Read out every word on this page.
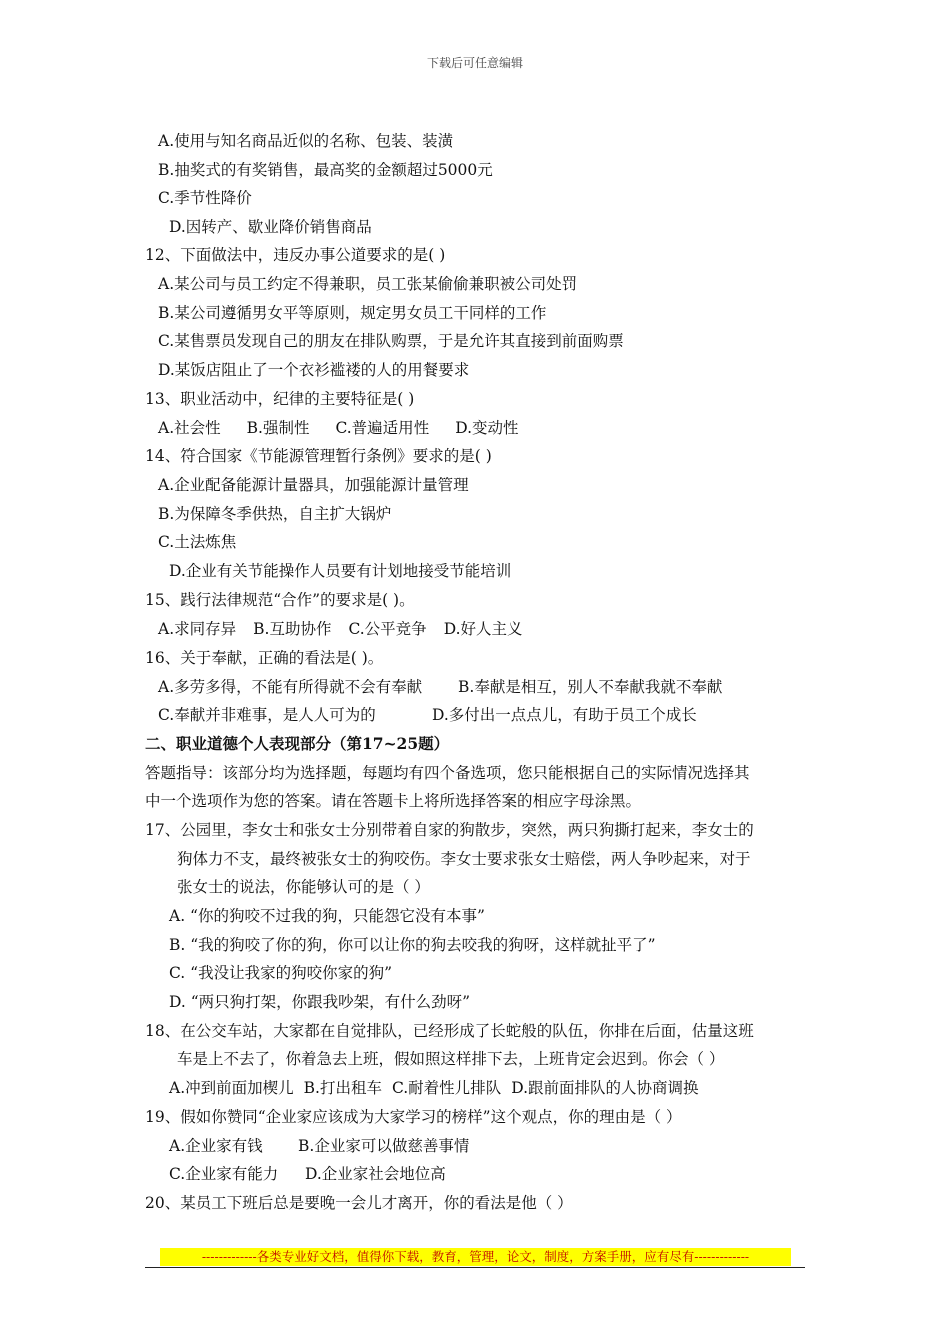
下载后可任意编辑
A.使用与知名商品近似的名称、包装、装潢
B.抽奖式的有奖销售，最高奖的金额超过5000元
C.季节性降价
D.因转产、歇业降价销售商品
12、下面做法中，违反办事公道要求的是( )
A.某公司与员工约定不得兼职，员工张某偷偷兼职被公司处罚
B.某公司遵循男女平等原则，规定男女员工干同样的工作
C.某售票员发现自己的朋友在排队购票，于是允许其直接到前面购票
D.某饭店阻止了一个衣衫褴褛的人的用餐要求
13、职业活动中，纪律的主要特征是( )
A.社会性 B.强制性 C.普遍适用性 D.变动性
14、符合国家《节能源管理暂行条例》要求的是( )
A.企业配备能源计量器具，加强能源计量管理
B.为保障冬季供热，自主扩大锅炉
C.土法炼焦
D.企业有关节能操作人员要有计划地接受节能培训
15、践行法律规范“合作”的要求是( )。
A.求同存异 B.互助协作 C.公平竞争 D.好人主义
16、关于奉献，正确的看法是( )。
A.多劳多得，不能有所得就不会有奉献 B.奉献是相互，别人不奉献我就不奉献
C.奉献并非难事，是人人可为的	D.多付出一点点儿，有助于员工个成长
二、职业道德个人表现部分（第17~25题）
答题指导：该部分均为选择题，每题均有四个备选项，您只能根据自己的实际情况选择其
中一个选项作为您的答案。请在答题卡上将所选择答案的相应字母涂黑。
17、公园里，李女士和张女士分别带着自家的狗散步，突然，两只狗撕打起来，李女士的
狗体力不支，最终被张女士的狗咬伤。李女士要求张女士赔偿，两人争吵起来，对于
张女士的说法，你能够认可的是（ ）
A. “你的狗咬不过我的狗，只能怨它没有本事”
B. “我的狗咬了你的狗，你可以让你的狗去咬我的狗呀，这样就扯平了”
C. “我没让我家的狗咬你家的狗”
D. “两只狗打架，你跟我吵架，有什么劲呀”
18、在公交车站，大家都在自觉排队，已经形成了长蛇般的队伍，你排在后面，估量这班
车是上不去了，你着急去上班，假如照这样排下去，上班肯定会迟到。你会（ ）
A.冲到前面加楔儿 B.打出租车 C.耐着性儿排队 D.跟前面排队的人协商调换
19、假如你赞同“企业家应该成为大家学习的榜样”这个观点，你的理由是（ ）
A.企业家有钱 B.企业家可以做慈善事情
C.企业家有能力 D.企业家社会地位高
20、某员工下班后总是要晚一会儿才离开，你的看法是他（ ）
-------------各类专业好文档，值得你下载，教育，管理，论文，制度，方案手册，应有尽有-------------
